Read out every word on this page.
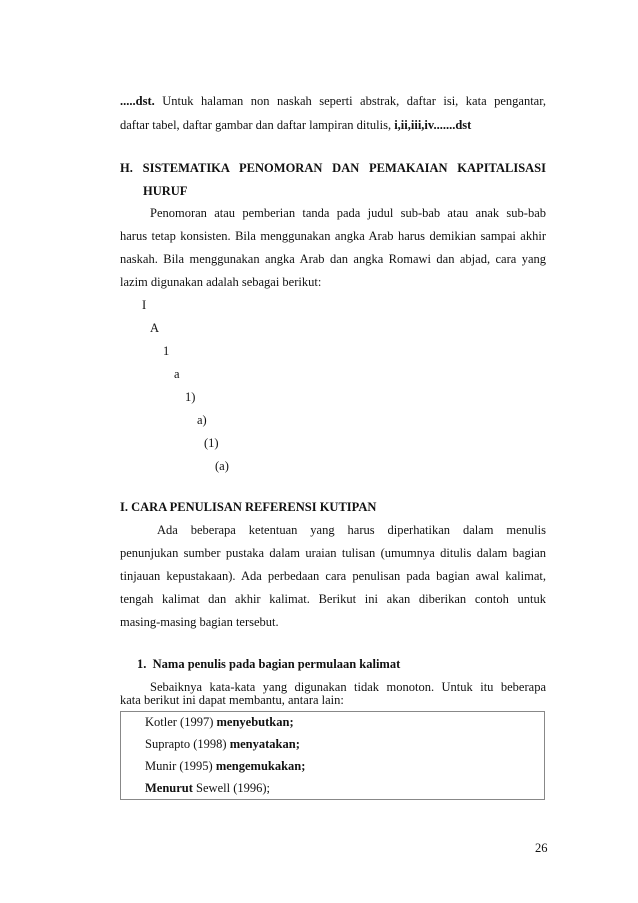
.....dst. Untuk halaman non naskah seperti abstrak, daftar isi, kata pengantar,
daftar tabel, daftar gambar dan daftar lampiran ditulis, i,ii,iii,iv.......dst
H. SISTEMATIKA PENOMORAN DAN PEMAKAIAN KAPITALISASI
HURUF
Penomoran atau pemberian tanda pada judul sub-bab atau anak sub-bab
harus tetap konsisten. Bila menggunakan angka Arab harus demikian sampai akhir
naskah. Bila menggunakan angka Arab dan angka Romawi dan abjad, cara yang
lazim digunakan adalah sebagai berikut:
I
A
1
a
1)
a)
(1)
(a)
I. CARA PENULISAN REFERENSI KUTIPAN
Ada beberapa ketentuan yang harus diperhatikan dalam menulis
penunjukan sumber pustaka dalam uraian tulisan (umumnya ditulis dalam bagian
tinjauan kepustakaan). Ada perbedaan cara penulisan pada bagian awal kalimat,
tengah kalimat dan akhir kalimat. Berikut ini akan diberikan contoh untuk
masing-masing bagian tersebut.
1.  Nama penulis pada bagian permulaan kalimat
Sebaiknya kata-kata yang digunakan tidak monoton. Untuk itu beberapa
kata berikut ini dapat membantu, antara lain:
Kotler (1997) menyebutkan;
Suprapto (1998) menyatakan;
Munir (1995) mengemukakan;
Menurut Sewell (1996);
26
